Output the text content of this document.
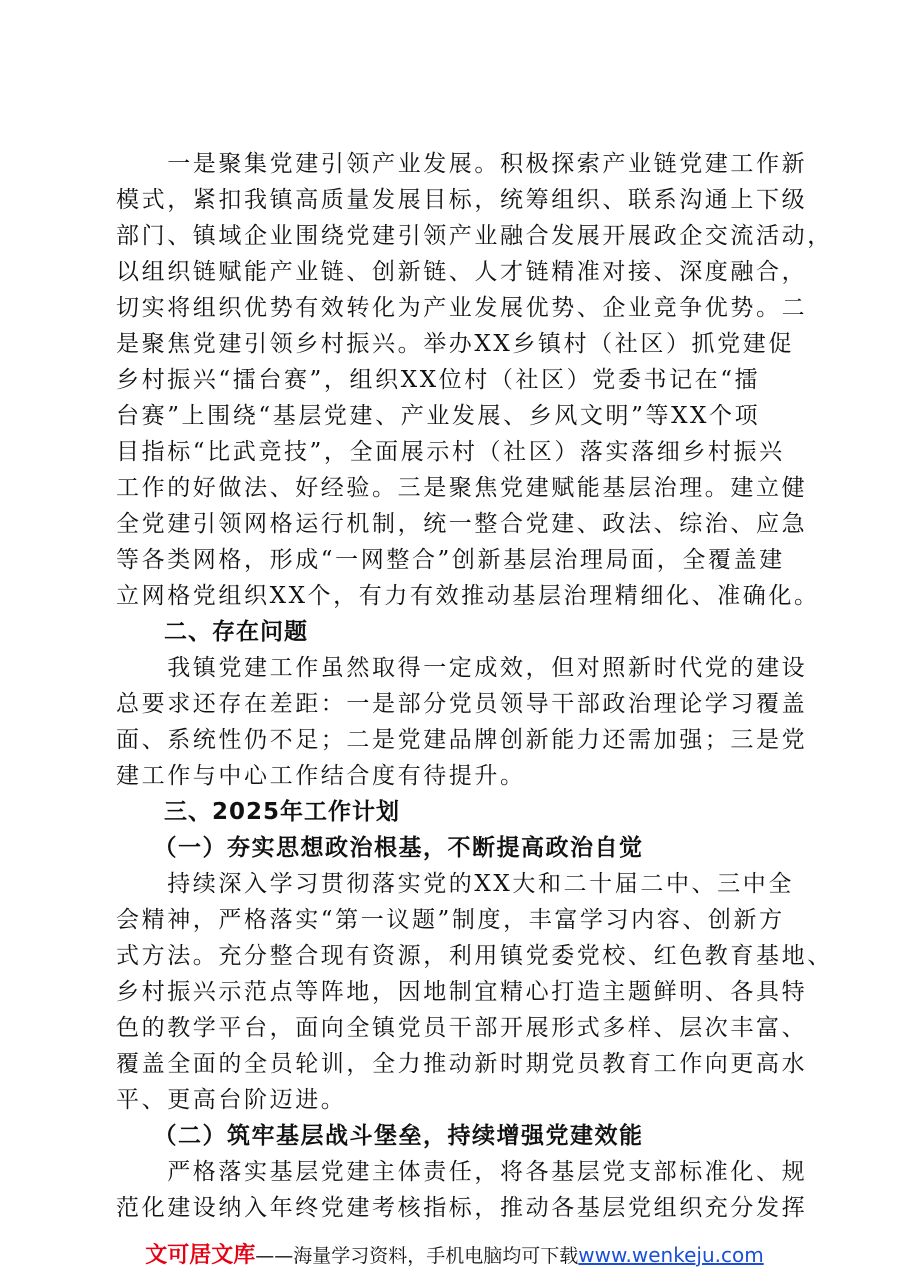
　　一是聚集党建引领产业发展。积极探索产业链党建工作新
模式，紧扣我镇高质量发展目标，统筹组织、联系沟通上下级
部门、镇域企业围绕党建引领产业融合发展开展政企交流活动，
以组织链赋能产业链、创新链、人才链精准对接、深度融合，
切实将组织优势有效转化为产业发展优势、企业竞争优势。二
是聚焦党建引领乡村振兴。举办XX乡镇村（社区）抓党建促
乡村振兴“擂台赛”，组织XX位村（社区）党委书记在“擂
台赛”上围绕“基层党建、产业发展、乡风文明”等XX个项
目指标“比武竞技”，全面展示村（社区）落实落细乡村振兴
工作的好做法、好经验。三是聚焦党建赋能基层治理。建立健
全党建引领网格运行机制，统一整合党建、政法、综治、应急
等各类网格，形成“一网整合”创新基层治理局面，全覆盖建
立网格党组织XX个，有力有效推动基层治理精细化、准确化。
　　二、存在问题
　　我镇党建工作虽然取得一定成效，但对照新时代党的建设
总要求还存在差距：一是部分党员领导干部政治理论学习覆盖
面、系统性仍不足；二是党建品牌创新能力还需加强；三是党
建工作与中心工作结合度有待提升。
　　三、2025年工作计划
　　（一）夯实思想政治根基，不断提高政治自觉
　　持续深入学习贯彻落实党的XX大和二十届二中、三中全
会精神，严格落实“第一议题”制度，丰富学习内容、创新方
式方法。充分整合现有资源，利用镇党委党校、红色教育基地、
乡村振兴示范点等阵地，因地制宜精心打造主题鲜明、各具特
色的教学平台，面向全镇党员干部开展形式多样、层次丰富、
覆盖全面的全员轮训，全力推动新时期党员教育工作向更高水
平、更高台阶迈进。
　　（二）筑牢基层战斗堡垒，持续增强党建效能
　　严格落实基层党建主体责任，将各基层党支部标准化、规
范化建设纳入年终党建考核指标，推动各基层党组织充分发挥
文可居文库——海量学习资料，手机电脑均可下载www.wenkeju.com
